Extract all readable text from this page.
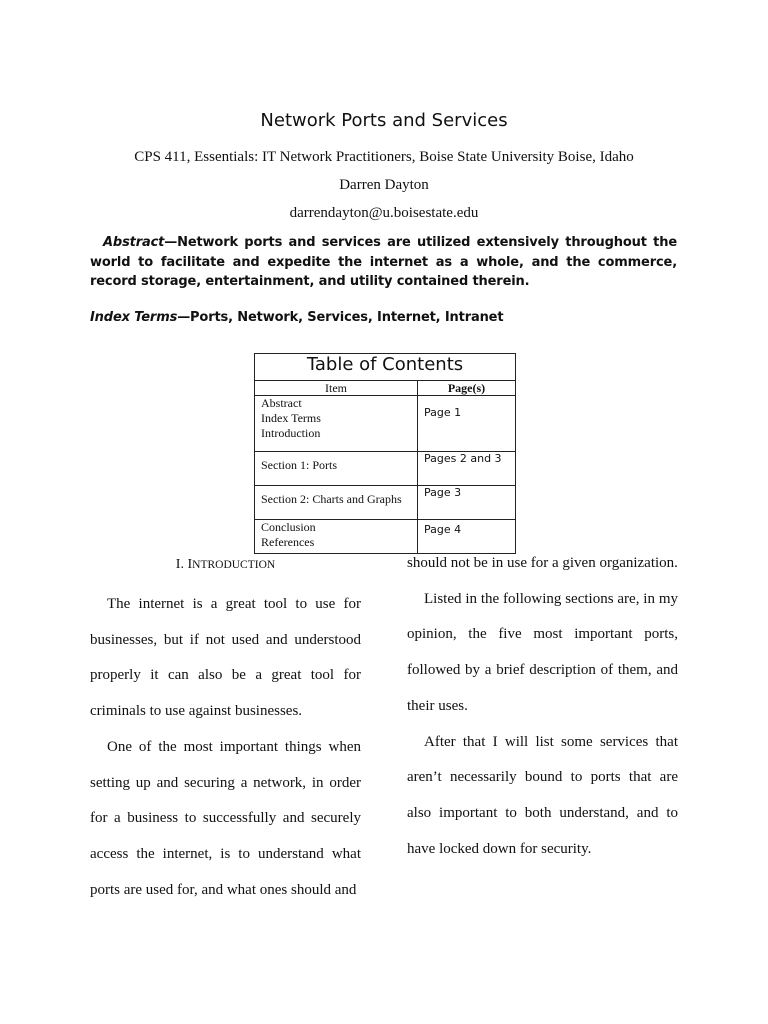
Network Ports and Services
CPS 411, Essentials: IT Network Practitioners, Boise State University Boise, Idaho
Darren Dayton
darrendayton@u.boisestate.edu
Abstract—Network ports and services are utilized extensively throughout the world to facilitate and expedite the internet as a whole, and the commerce, record storage, entertainment, and utility contained therein.
Index Terms—Ports, Network, Services, Internet, Intranet
Table of Contents	
Item	Page(s)

Abstract
Index Terms
Introduction	Page 1

Section 1: Ports	Pages 2 and 3

Section 2: Charts and Graphs	Page 3

Conclusion
References	Page 4
I. INTRODUCTION

The internet is a great tool to use for businesses, but if not used and understood properly it can also be a great tool for criminals to use against businesses.

One of the most important things when setting up and securing a network, in order for a business to successfully and securely access the internet, is to understand what ports are used for, and what ones should and

should not be in use for a given organization.

Listed in the following sections are, in my opinion, the five most important ports, followed by a brief description of them, and their uses.

After that I will list some services that aren’t necessarily bound to ports that are also important to both understand, and to have locked down for security.
